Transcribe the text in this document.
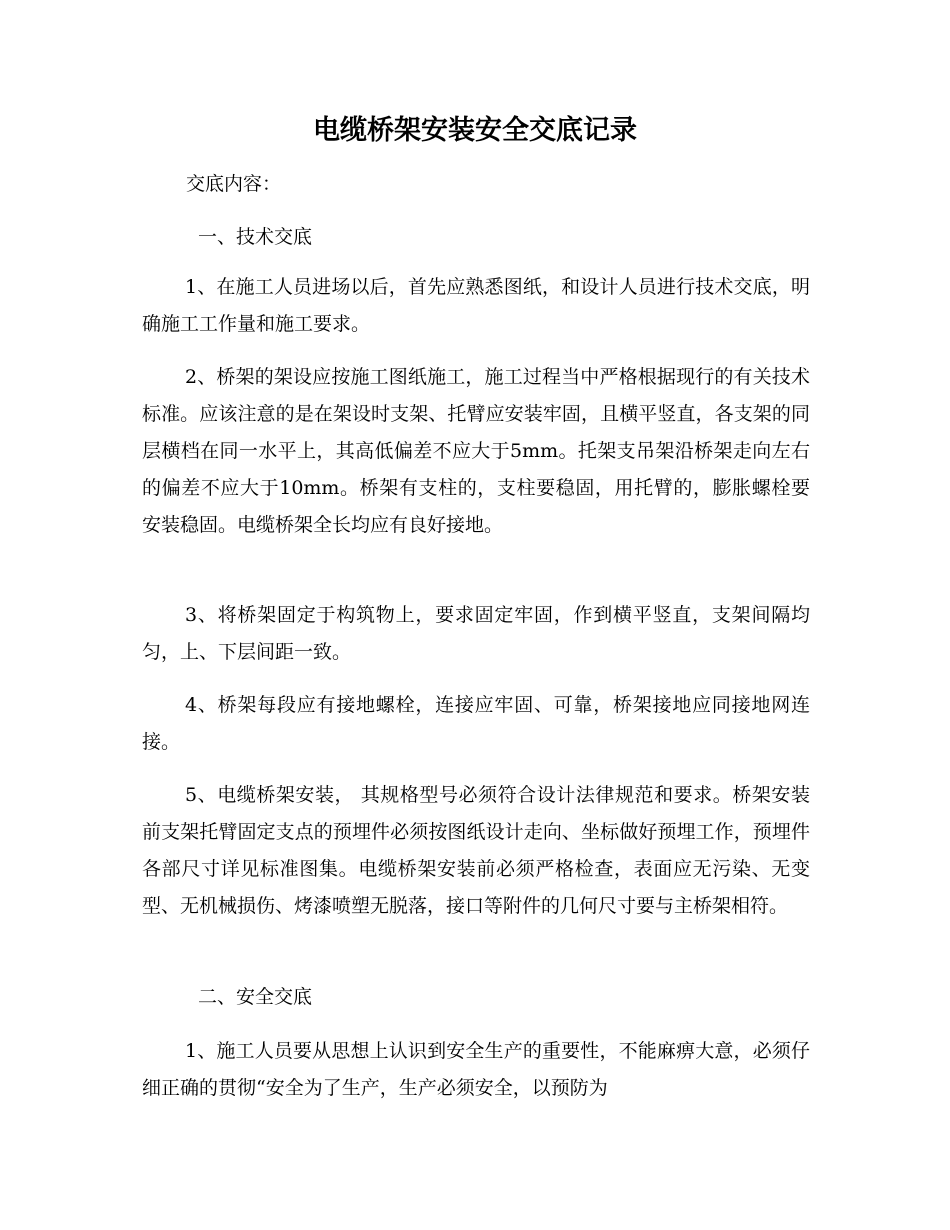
电缆桥架安装安全交底记录

交底内容：

一、技术交底

1、在施工人员进场以后，首先应熟悉图纸，和设计人员进行技术交底，明确施工工作量和施工要求。

2、桥架的架设应按施工图纸施工，施工过程当中严格根据现行的有关技术标准。应该注意的是在架设时支架、托臂应安装牢固，且横平竖直，各支架的同层横档在同一水平上，其高低偏差不应大于5mm。托架支吊架沿桥架走向左右的偏差不应大于10mm。桥架有支柱的，支柱要稳固，用托臂的，膨胀螺栓要安装稳固。电缆桥架全长均应有良好接地。

3、将桥架固定于构筑物上，要求固定牢固，作到横平竖直，支架间隔均匀，上、下层间距一致。

4、桥架每段应有接地螺栓，连接应牢固、可靠，桥架接地应同接地网连接。

5、电缆桥架安装， 其规格型号必须符合设计法律规范和要求。桥架安装前支架托臂固定支点的预埋件必须按图纸设计走向、坐标做好预埋工作，预埋件各部尺寸详见标准图集。电缆桥架安装前必须严格检查，表面应无污染、无变型、无机械损伤、烤漆喷塑无脱落，接口等附件的几何尺寸要与主桥架相符。

二、安全交底

1、施工人员要从思想上认识到安全生产的重要性，不能麻痹大意，必须仔细正确的贯彻“安全为了生产，生产必须安全，以预防为
